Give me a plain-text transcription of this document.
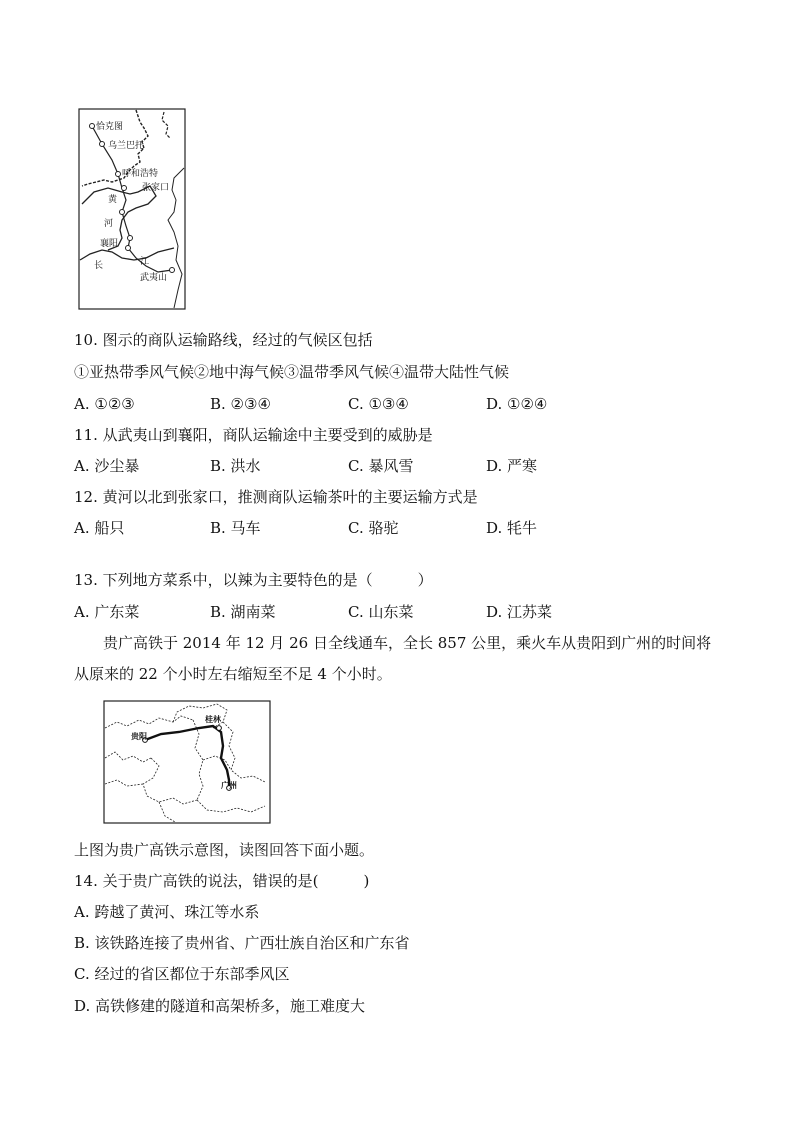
恰克图
乌兰巴托
呼和浩特
张家口
襄阳
武夷山
黄
河
长	江
10. 图示的商队运输路线，经过的气候区包括
①亚热带季风气候②地中海气候③温带季风气候④温带大陆性气候
A. ①②③	B. ②③④	C. ①③④	D. ①②④
11. 从武夷山到襄阳，商队运输途中主要受到的威胁是
A. 沙尘暴	B. 洪水	C. 暴风雪	D. 严寒
12. 黄河以北到张家口，推测商队运输茶叶的主要运输方式是
A. 船只	B. 马车	C. 骆驼	D. 牦牛
13. 下列地方菜系中，以辣为主要特色的是（　　　）
A. 广东菜	B. 湖南菜	C. 山东菜	D. 江苏菜
贵广高铁于 2014 年 12 月 26 日全线通车，全长 857 公里，乘火车从贵阳到广州的时间将
从原来的 22 个小时左右缩短至不足 4 个小时。
贵阳
桂林
广州
上图为贵广高铁示意图，读图回答下面小题。
14. 关于贵广高铁的说法，错误的是(　　　)
A. 跨越了黄河、珠江等水系
B. 该铁路连接了贵州省、广西壮族自治区和广东省
C. 经过的省区都位于东部季风区
D. 高铁修建的隧道和高架桥多，施工难度大
